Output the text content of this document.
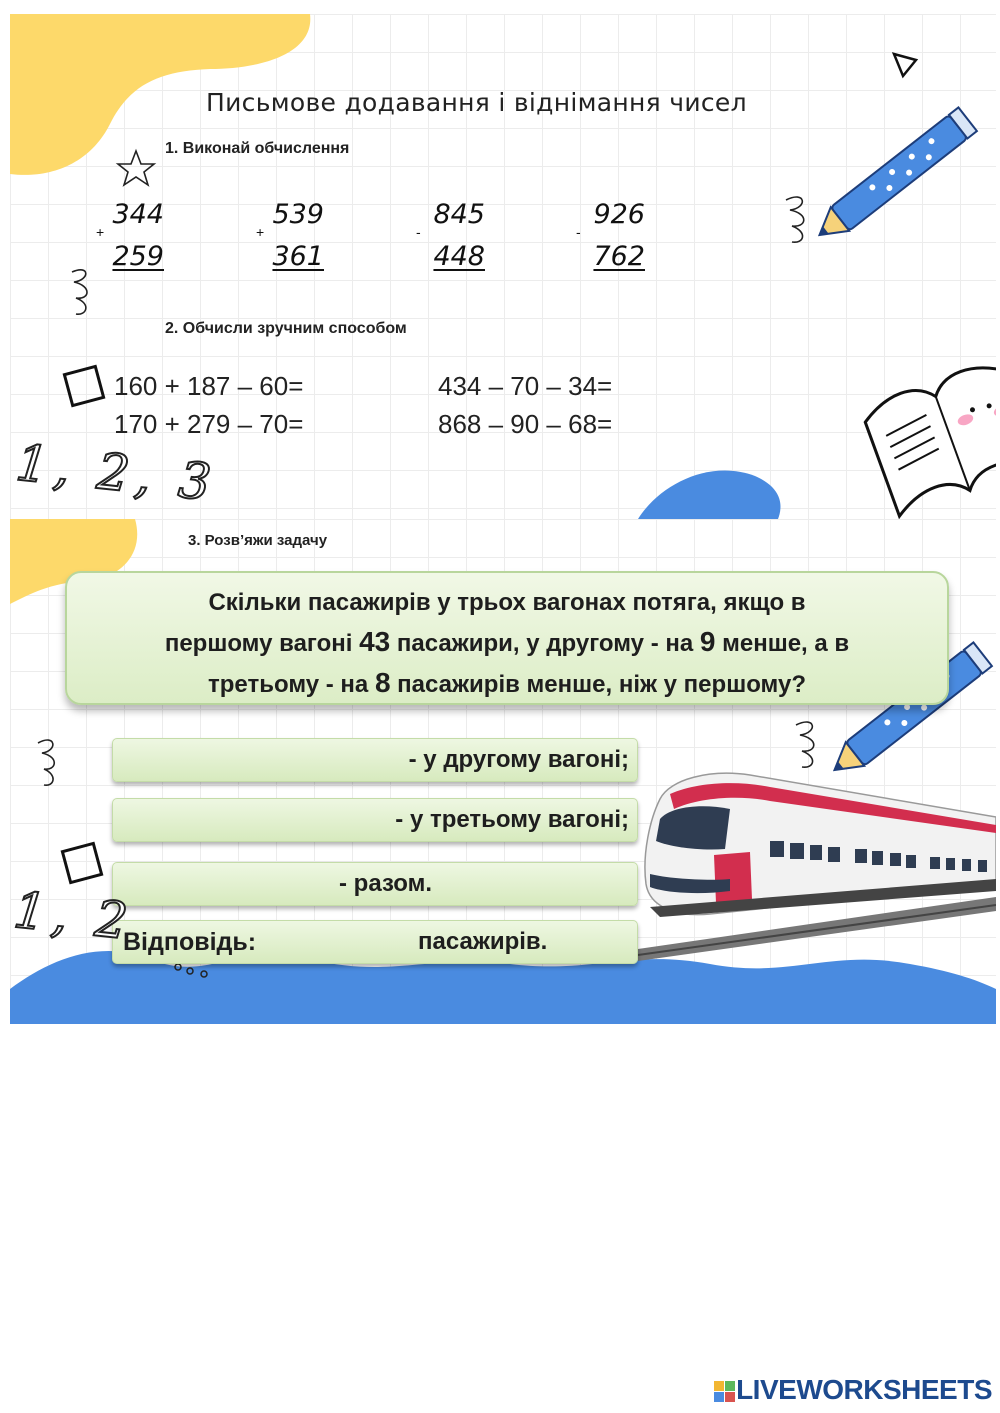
Письмове додавання і віднімання чисел
1. Виконай обчислення
+
344
259
+
539
361
-
845
448
-
926
762
2. Обчисли зручним способом
160 + 187 – 60=
170 + 279 – 70=
434 – 70 – 34=
868 – 90 – 68=
1, 2, 3
3. Розв’яжи задачу
Скільки пасажирів у трьох вагонах потяга, якщо в
першому вагоні 43 пасажири, у другому - на 9 менше, а в
третьому - на 8 пасажирів менше, ніж у першому?
- у другому вагоні;
- у третьому вагоні;
- разом.
Відповідь:	пасажирів.
1, 2
LIVEWORKSHEETS
